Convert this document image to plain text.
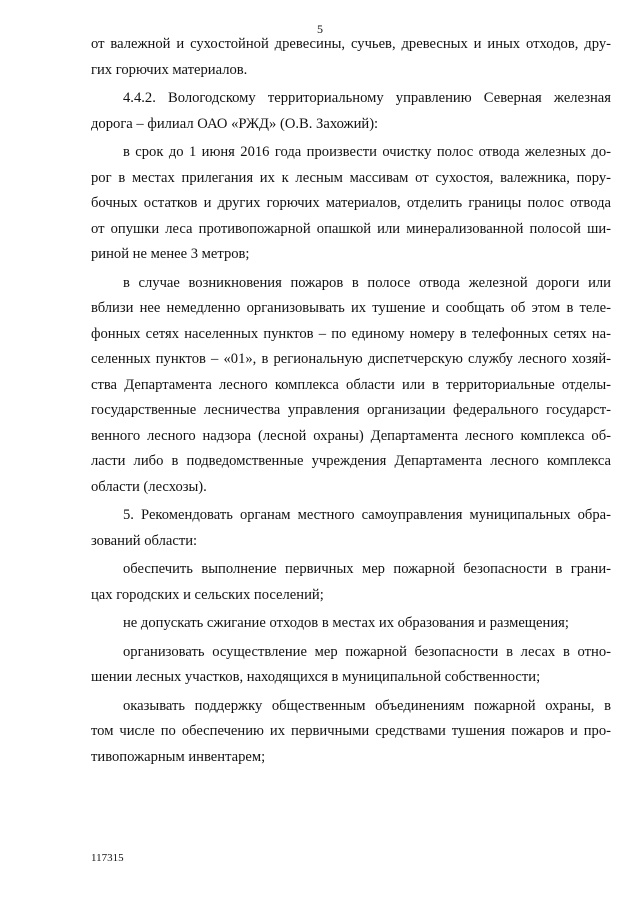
5
от валежной и сухостойной древесины, сучьев, древесных и иных отходов, дру-
гих горючих материалов.
4.4.2. Вологодскому территориальному управлению Северная железная
дорога – филиал ОАО «РЖД» (О.В. Захожий):
в срок до 1 июня 2016 года произвести очистку полос отвода железных до-
рог в местах прилегания их к лесным массивам от сухостоя, валежника, пору-
бочных остатков и других горючих материалов, отделить границы полос отвода
от опушки леса противопожарной опашкой или минерализованной полосой ши-
риной не менее 3 метров;
в случае возникновения пожаров в полосе отвода железной дороги или
вблизи нее немедленно организовывать их тушение и сообщать об этом в теле-
фонных сетях населенных пунктов – по единому номеру в телефонных сетях на-
селенных пунктов – «01», в региональную диспетчерскую службу лесного хозяй-
ства Департамента лесного комплекса области или в территориальные отделы-
государственные лесничества управления организации федерального государст-
венного лесного надзора (лесной охраны) Департамента лесного комплекса об-
ласти либо в подведомственные учреждения Департамента лесного комплекса
области (лесхозы).
5. Рекомендовать органам местного самоуправления муниципальных обра-
зований области:
обеспечить выполнение первичных мер пожарной безопасности в грани-
цах городских и сельских поселений;
не допускать сжигание отходов в местах их образования и размещения;
организовать осуществление мер пожарной безопасности в лесах в отно-
шении лесных участков, находящихся в муниципальной собственности;
оказывать поддержку общественным объединениям пожарной охраны, в
том числе по обеспечению их первичными средствами тушения пожаров и про-
тивопожарным инвентарем;
117315
